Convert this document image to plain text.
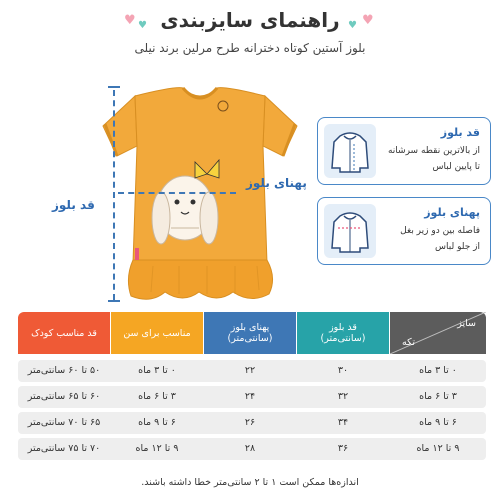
راهنمای سایزبندی
♥ ♥	♥ ♥
بلوز آستین کوتاه دخترانه طرح مرلین برند نیلی
قد بلوز
پهنای بلوز
قد بلوز
از بالاترین نقطه سرشانه
تا پایین لباس
پهنای بلوز
فاصله بین دو زیر بغل
از جلو لباس
قد مناسب کودک	مناسب برای سن	پهنای بلوز
(سانتی‌متر)
قد بلوز
(سانتی‌متر)
سایز
تکه
۵۰ تا ۶۰ سانتی‌متر	۰ تا ۳ ماه	۲۲	۳۰	۰ تا ۳ ماه
۶۰ تا ۶۵ سانتی‌متر	۳ تا ۶ ماه	۲۴	۳۲	۳ تا ۶ ماه
۶۵ تا ۷۰ سانتی‌متر	۶ تا ۹ ماه	۲۶	۳۴	۶ تا ۹ ماه
۷۰ تا ۷۵ سانتی‌متر	۹ تا ۱۲ ماه	۲۸	۳۶	۹ تا ۱۲ ماه
اندازه‌ها ممکن است ۱ تا ۲ سانتی‌متر خطا داشته باشند.
